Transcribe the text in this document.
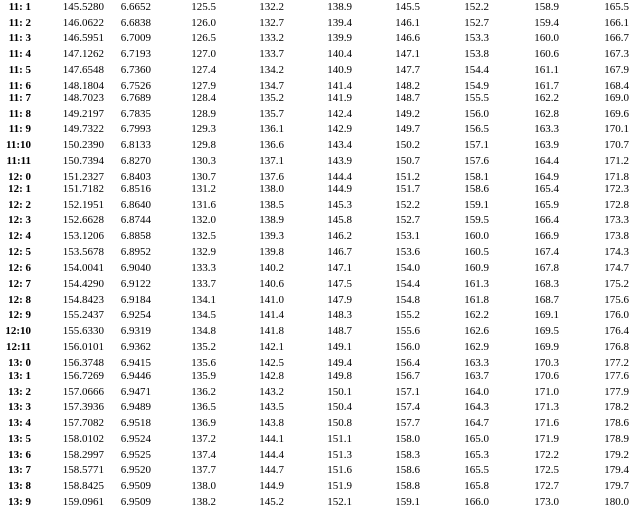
11: 1	145.5280 6.6652	125.5	132.2	138.9	145.5	152.2	158.9	165.5
11: 2	146.0622 6.6838	126.0	132.7	139.4	146.1	152.7	159.4	166.1
11: 3	146.5951 6.7009	126.5	133.2	139.9	146.6	153.3	160.0	166.7
11: 4	147.1262 6.7193	127.0	133.7	140.4	147.1	153.8	160.6	167.3
11: 5	147.6548 6.7360	127.4	134.2	140.9	147.7	154.4	161.1	167.9
11: 6	148.1804 6.7526	127.9	134.7	141.4	148.2	154.9	161.7	168.4
11: 7	148.7023 6.7689	128.4	135.2	141.9	148.7	155.5	162.2	169.0
11: 8	149.2197 6.7835	128.9	135.7	142.4	149.2	156.0	162.8	169.6
11: 9	149.7322 6.7993	129.3	136.1	142.9	149.7	156.5	163.3	170.1
11:10	150.2390 6.8133	129.8	136.6	143.4	150.2	157.1	163.9	170.7
11:11	150.7394 6.8270	130.3	137.1	143.9	150.7	157.6	164.4	171.2
12: 0	151.2327 6.8403	130.7	137.6	144.4	151.2	158.1	164.9	171.8
12: 1	151.7182 6.8516	131.2	138.0	144.9	151.7	158.6	165.4	172.3
12: 2	152.1951 6.8640	131.6	138.5	145.3	152.2	159.1	165.9	172.8
12: 3	152.6628 6.8744	132.0	138.9	145.8	152.7	159.5	166.4	173.3
12: 4	153.1206 6.8858	132.5	139.3	146.2	153.1	160.0	166.9	173.8
12: 5	153.5678 6.8952	132.9	139.8	146.7	153.6	160.5	167.4	174.3
12: 6	154.0041 6.9040	133.3	140.2	147.1	154.0	160.9	167.8	174.7
12: 7	154.4290 6.9122	133.7	140.6	147.5	154.4	161.3	168.3	175.2
12: 8	154.8423 6.9184	134.1	141.0	147.9	154.8	161.8	168.7	175.6
12: 9	155.2437 6.9254	134.5	141.4	148.3	155.2	162.2	169.1	176.0
12:10	155.6330 6.9319	134.8	141.8	148.7	155.6	162.6	169.5	176.4
12:11	156.0101 6.9362	135.2	142.1	149.1	156.0	162.9	169.9	176.8
13: 0	156.3748 6.9415	135.6	142.5	149.4	156.4	163.3	170.3	177.2
13: 1	156.7269 6.9446	135.9	142.8	149.8	156.7	163.7	170.6	177.6
13: 2	157.0666 6.9471	136.2	143.2	150.1	157.1	164.0	171.0	177.9
13: 3	157.3936 6.9489	136.5	143.5	150.4	157.4	164.3	171.3	178.2
13: 4	157.7082 6.9518	136.9	143.8	150.8	157.7	164.7	171.6	178.6
13: 5	158.0102 6.9524	137.2	144.1	151.1	158.0	165.0	171.9	178.9
13: 6	158.2997 6.9525	137.4	144.4	151.3	158.3	165.3	172.2	179.2
13: 7	158.5771 6.9520	137.7	144.7	151.6	158.6	165.5	172.5	179.4
13: 8	158.8425 6.9509	138.0	144.9	151.9	158.8	165.8	172.7	179.7
13: 9	159.0961 6.9509	138.2	145.2	152.1	159.1	166.0	173.0	180.0
